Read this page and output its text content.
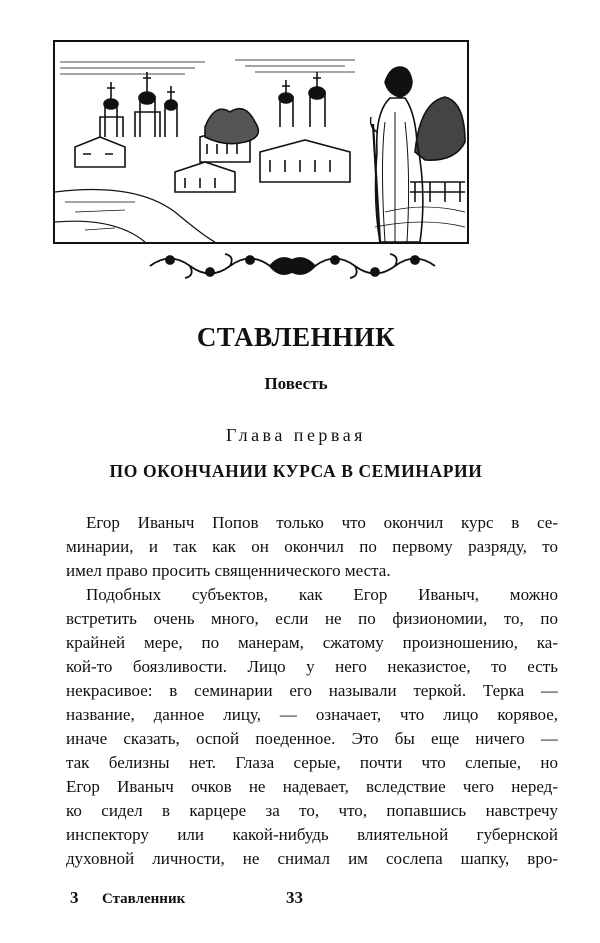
СТАВЛЕННИК
Повесть
Глава первая
ПО ОКОНЧАНИИ КУРСА В СЕМИНАРИИ
Егор Иваныч Попов только что окончил курс в се-
минарии, и так как он окончил по первому разряду, то
имел право просить священнического места.
Подобных субъектов, как Егор Иваныч, можно
встретить очень много, если не по физиономии, то, по
крайней мере, по манерам, сжатому произношению, ка-
кой-то боязливости. Лицо у него неказистое, то есть
некрасивое: в семинарии его называли теркой. Терка —
название, данное лицу, — означает, что лицо корявое,
иначе сказать, оспой поеденное. Это бы еще ничего —
так белизны нет. Глаза серые, почти что слепые, но
Егор Иваныч очков не надевает, вследствие чего неред-
ко сидел в карцере за то, что, попавшись навстречу
инспектору или какой-нибудь влиятельной губернской
духовной личности, не снимал им сослепа шапку, вро-
3 Ставленник	33
